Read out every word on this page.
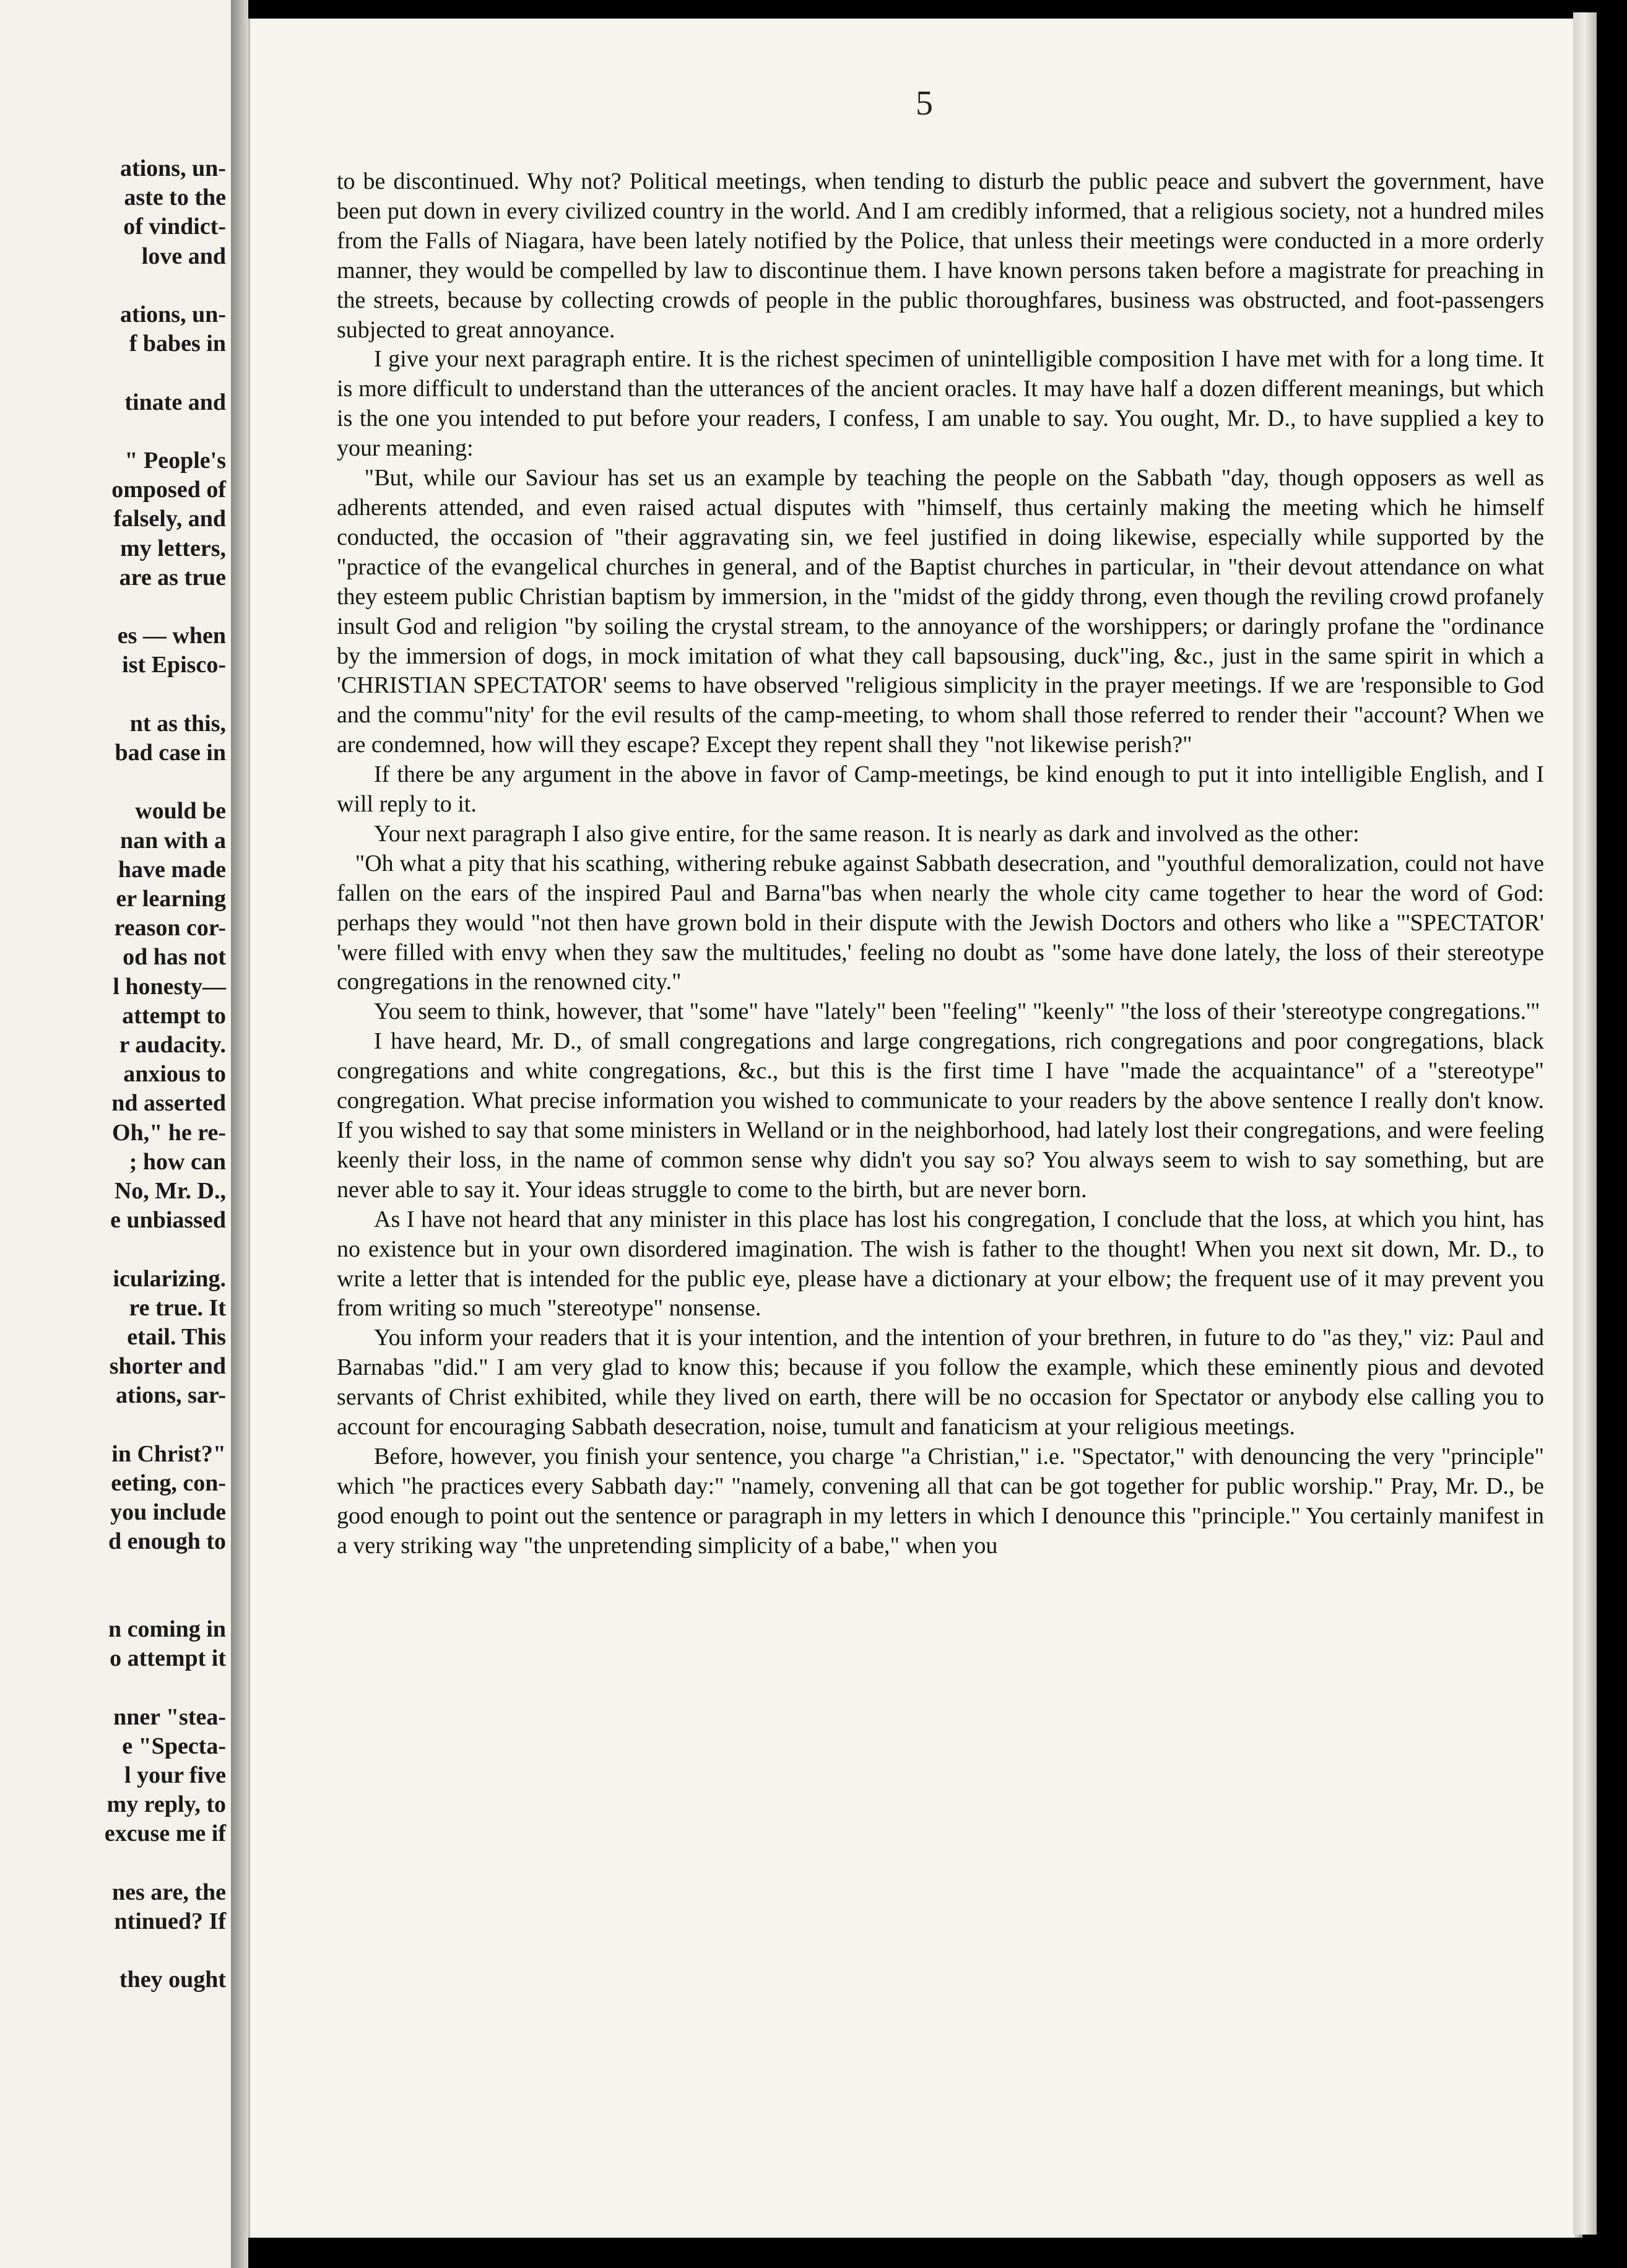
ations, un-
aste to the
of vindict-
love and
ations, un-
f babes in
tinate and
" People's
omposed of
falsely, and
my letters,
are as true
es — when
ist Episco-
nt as this,
bad case in
would be
nan with a
have made
er learning
reason cor-
od has not
l honesty—
attempt to
r audacity.
anxious to
nd asserted
Oh," he re-
; how can
No, Mr. D.,
e unbiassed
icularizing.
re true. It
etail. This
shorter and
ations, sar-
in Christ?"
eeting, con-
you include
d enough to
n coming in
o attempt it
nner "stea-
e "Specta-
l your five
my reply, to
excuse me if
nes are, the
ntinued? If
they ought
5

to be discontinued. Why not? Political meetings, when tending to disturb the public peace and subvert the government, have been put down in every civilized country in the world. And I am credibly informed, that a religious society, not a hundred miles from the Falls of Niagara, have been lately notified by the Police, that unless their meetings were conducted in a more orderly manner, they would be compelled by law to discontinue them. I have known persons taken before a magistrate for preaching in the streets, because by collecting crowds of people in the public thoroughfares, business was obstructed, and foot-passengers subjected to great annoyance.

I give your next paragraph entire. It is the richest specimen of unintelligible composition I have met with for a long time. It is more difficult to understand than the utterances of the ancient oracles. It may have half a dozen different meanings, but which is the one you intended to put before your readers, I confess, I am unable to say. You ought, Mr. D., to have supplied a key to your meaning:

"But, while our Saviour has set us an example by teaching the people on the Sabbath "day, though opposers as well as adherents attended, and even raised actual disputes with "himself, thus certainly making the meeting which he himself conducted, the occasion of "their aggravating sin, we feel justified in doing likewise, especially while supported by the "practice of the evangelical churches in general, and of the Baptist churches in particular, in "their devout attendance on what they esteem public Christian baptism by immersion, in the "midst of the giddy throng, even though the reviling crowd profanely insult God and religion "by soiling the crystal stream, to the annoyance of the worshippers; or daringly profane the "ordinance by the immersion of dogs, in mock imitation of what they call bapsousing, duck"ing, &c., just in the same spirit in which a 'CHRISTIAN SPECTATOR' seems to have observed "religious simplicity in the prayer meetings. If we are 'responsible to God and the commu"nity' for the evil results of the camp-meeting, to whom shall those referred to render their "account? When we are condemned, how will they escape? Except they repent shall they "not likewise perish?"

If there be any argument in the above in favor of Camp-meetings, be kind enough to put it into intelligible English, and I will reply to it.

Your next paragraph I also give entire, for the same reason. It is nearly as dark and involved as the other:

"Oh what a pity that his scathing, withering rebuke against Sabbath desecration, and "youthful demoralization, could not have fallen on the ears of the inspired Paul and Barna"bas when nearly the whole city came together to hear the word of God: perhaps they would "not then have grown bold in their dispute with the Jewish Doctors and others who like a "'SPECTATOR' 'were filled with envy when they saw the multitudes,' feeling no doubt as "some have done lately, the loss of their stereotype congregations in the renowned city."

You seem to think, however, that "some" have "lately" been "feeling" "keenly" "the loss of their 'stereotype congregations.'"

I have heard, Mr. D., of small congregations and large congregations, rich congregations and poor congregations, black congregations and white congregations, &c., but this is the first time I have "made the acquaintance" of a "stereotype" congregation. What precise information you wished to communicate to your readers by the above sentence I really don't know. If you wished to say that some ministers in Welland or in the neighborhood, had lately lost their congregations, and were feeling keenly their loss, in the name of common sense why didn't you say so? You always seem to wish to say something, but are never able to say it. Your ideas struggle to come to the birth, but are never born.

As I have not heard that any minister in this place has lost his congregation, I conclude that the loss, at which you hint, has no existence but in your own disordered imagination. The wish is father to the thought! When you next sit down, Mr. D., to write a letter that is intended for the public eye, please have a dictionary at your elbow; the frequent use of it may prevent you from writing so much "stereotype" nonsense.

You inform your readers that it is your intention, and the intention of your brethren, in future to do "as they," viz: Paul and Barnabas "did." I am very glad to know this; because if you follow the example, which these eminently pious and devoted servants of Christ exhibited, while they lived on earth, there will be no occasion for Spectator or anybody else calling you to account for encouraging Sabbath desecration, noise, tumult and fanaticism at your religious meetings.

Before, however, you finish your sentence, you charge "a Christian," i.e. "Spectator," with denouncing the very "principle" which "he practices every Sabbath day:" "namely, convening all that can be got together for public worship." Pray, Mr. D., be good enough to point out the sentence or paragraph in my letters in which I denounce this "principle." You certainly manifest in a very striking way "the unpretending simplicity of a babe," when you
